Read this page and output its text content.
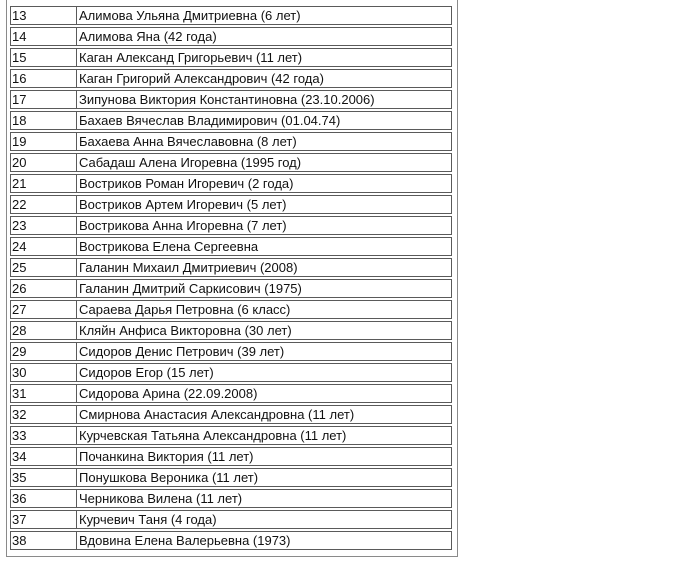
13	Алимова Ульяна Дмитриевна (6 лет)
14	Алимова Яна (42 года)
15	Каган Александ Григорьевич (11 лет)
16	Каган Григорий Александрович (42 года)
17	Зипунова Виктория Константиновна (23.10.2006)
18	Бахаев Вячеслав Владимирович (01.04.74)
19	Бахаева Анна Вячеславовна (8 лет)
20	Сабадаш Алена Игоревна (1995 год)
21	Востриков Роман Игоревич (2 года)
22	Востриков Артем Игоревич (5 лет)
23	Вострикова Анна Игоревна (7 лет)
24	Вострикова Елена Сергеевна
25	Галанин Михаил Дмитриевич (2008)
26	Галанин Дмитрий Саркисович (1975)
27	Сараева Дарья Петровна (6 класс)
28	Кляйн Анфиса Викторовна (30 лет)
29	Сидоров Денис Петрович (39 лет)
30	Сидоров Егор (15 лет)
31	Сидорова Арина (22.09.2008)
32	Смирнова Анастасия Александровна (11 лет)
33	Курчевская Татьяна Александровна (11 лет)
34	Почанкина Виктория (11 лет)
35	Понушкова Вероника (11 лет)
36	Черникова Вилена (11 лет)
37	Курчевич Таня (4 года)
38	Вдовина Елена Валерьевна (1973)
